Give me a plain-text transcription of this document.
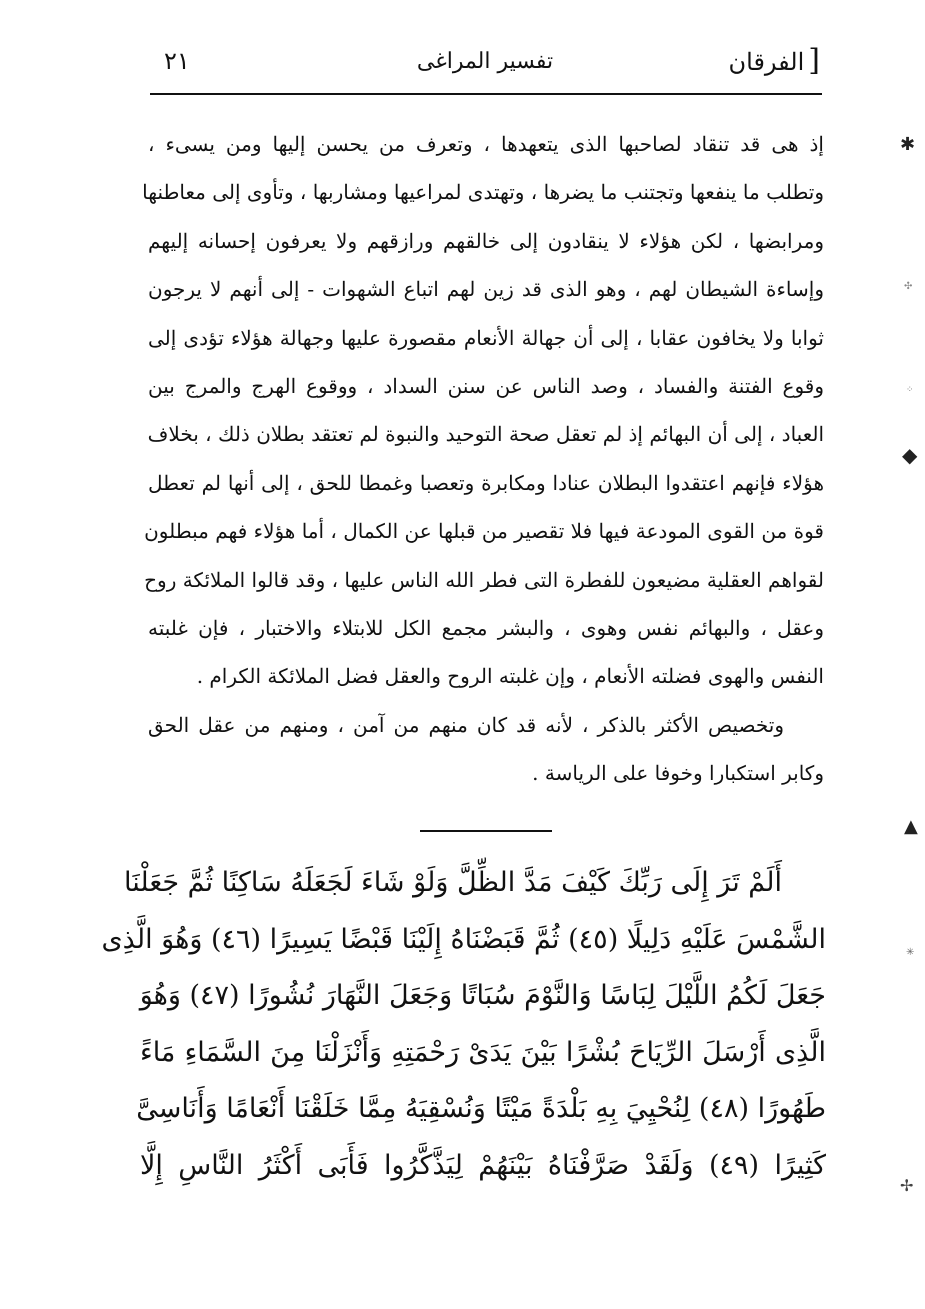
[الفرقان
تفسير المراغى
٢١
إذ هى قد تنقاد لصاحبها الذى يتعهدها ، وتعرف من يحسن إليها ومن يسىء ،
وتطلب ما ينفعها وتجتنب ما يضرها ، وتهتدى لمراعيها ومشاربها ، وتأوى إلى معاطنها
ومرابضها ، لكن هؤلاء لا ينقادون إلى خالقهم ورازقهم ولا يعرفون إحسانه إليهم
وإساءة الشيطان لهم ، وهو الذى قد زين لهم اتباع الشهوات - إلى أنهم لا يرجون
ثوابا ولا يخافون عقابا ، إلى أن جهالة الأنعام مقصورة عليها وجهالة هؤلاء تؤدى إلى
وقوع الفتنة والفساد ، وصد الناس عن سنن السداد ، ووقوع الهرج والمرج بين
العباد ، إلى أن البهائم إذ لم تعقل صحة التوحيد والنبوة لم تعتقد بطلان ذلك ، بخلاف
هؤلاء فإنهم اعتقدوا البطلان عنادا ومكابرة وتعصبا وغمطا للحق ، إلى أنها لم تعطل
قوة من القوى المودعة فيها فلا تقصير من قبلها عن الكمال ، أما هؤلاء فهم مبطلون
لقواهم العقلية مضيعون للفطرة التى فطر الله الناس عليها ، وقد قالوا الملائكة روح
وعقل ، والبهائم نفس وهوى ، والبشر مجمع الكل للابتلاء والاختبار ، فإن غلبته
النفس والهوى فضلته الأنعام ، وإن غلبته الروح والعقل فضل الملائكة الكرام .
وتخصيص الأكثر بالذكر ، لأنه قد كان منهم من آمن ، ومنهم من عقل الحق
وكابر استكبارا وخوفا على الرياسة .
أَلَمْ تَرَ إِلَى رَبِّكَ كَيْفَ مَدَّ الظِّلَّ وَلَوْ شَاءَ لَجَعَلَهُ سَاكِنًا ثُمَّ جَعَلْنَا
الشَّمْسَ عَلَيْهِ دَلِيلًا (٤٥) ثُمَّ قَبَضْنَاهُ إِلَيْنَا قَبْضًا يَسِيرًا (٤٦) وَهُوَ الَّذِى
جَعَلَ لَكُمُ اللَّيْلَ لِبَاسًا وَالنَّوْمَ سُبَاتًا وَجَعَلَ النَّهَارَ نُشُورًا (٤٧) وَهُوَ
الَّذِى أَرْسَلَ الرِّيَاحَ بُشْرًا بَيْنَ يَدَىْ رَحْمَتِهِ وَأَنْزَلْنَا مِنَ السَّمَاءِ مَاءً
طَهُورًا (٤٨) لِنُحْيِيَ بِهِ بَلْدَةً مَيْتًا وَنُسْقِيَهُ مِمَّا خَلَقْنَا أَنْعَامًا وَأَنَاسِىَّ
كَثِيرًا (٤٩) وَلَقَدْ صَرَّفْنَاهُ بَيْنَهُمْ لِيَذَّكَّرُوا فَأَبَى أَكْثَرُ النَّاسِ إِلَّا
✱
✣
⁘
◆
▲
✳
✢
